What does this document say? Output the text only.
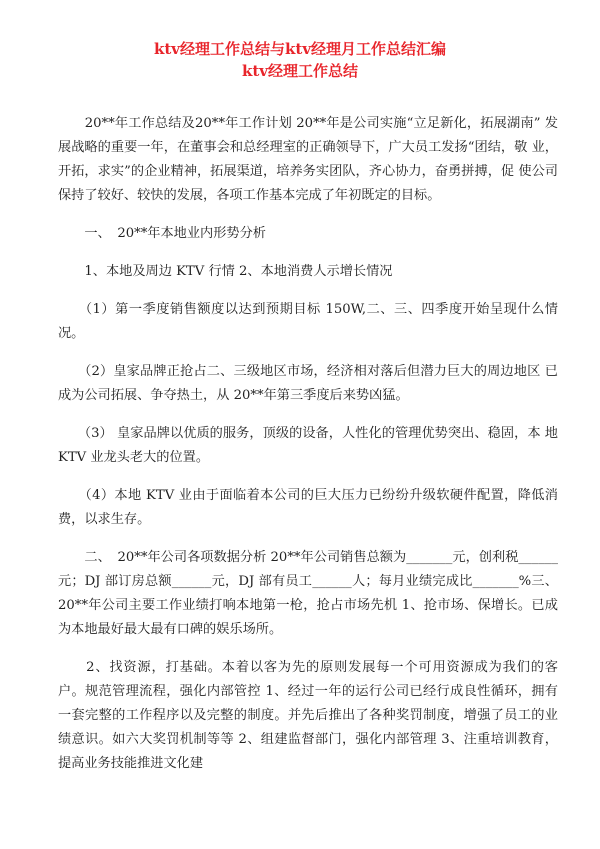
ktv经理工作总结与ktv经理月工作总结汇编
ktv经理工作总结

　　20**年工作总结及20**年工作计划 20**年是公司实施“立足新化，拓展湖南” 发展战略的重要一年，在董事会和总经理室的正确领导下，广大员工发扬“团结，敬 业，开拓，求实”的企业精神，拓展渠道，培养务实团队，齐心协力，奋勇拼搏，促 使公司保持了较好、较快的发展，各项工作基本完成了年初既定的目标。

　　一、　20**年本地业内形势分析

　　1、本地及周边 KTV 行情 2、本地消费人示增长情况

　　（1）第一季度销售额度以达到预期目标 150W,二、三、四季度开始呈现什么情 况。

　　（2）皇家品牌正抢占二、三级地区市场，经济相对落后但潜力巨大的周边地区 已成为公司拓展、争夺热土，从 20**年第三季度后来势凶猛。

　　（3） 皇家品牌以优质的服务，顶级的设备，人性化的管理优势突出、稳固，本 地 KTV 业龙头老大的位置。

　　（4）本地 KTV 业由于面临着本公司的巨大压力已纷纷升级软硬件配置，降低消 费，以求生存。

　　二、　20**年公司各项数据分析 20**年公司销售总额为_______元，创利税______元；DJ 部订房总额______元，DJ 部有员工______人；每月业绩完成比_______%三、 20**年公司主要工作业绩打响本地第一枪，抢占市场先机 1、抢市场、保增长。已成 为本地最好最大最有口碑的娱乐场所。

　　2、找资源，打基础。本着以客为先的原则发展每一个可用资源成为我们的客 户。规范管理流程，强化内部管控 1、经过一年的运行公司已经行成良性循环，拥有 一套完整的工作程序以及完整的制度。并先后推出了各种奖罚制度，增强了员工的业 绩意识。如六大奖罚机制等等 2、组建监督部门，强化内部管理 3、注重培训教育， 提高业务技能推进文化建
